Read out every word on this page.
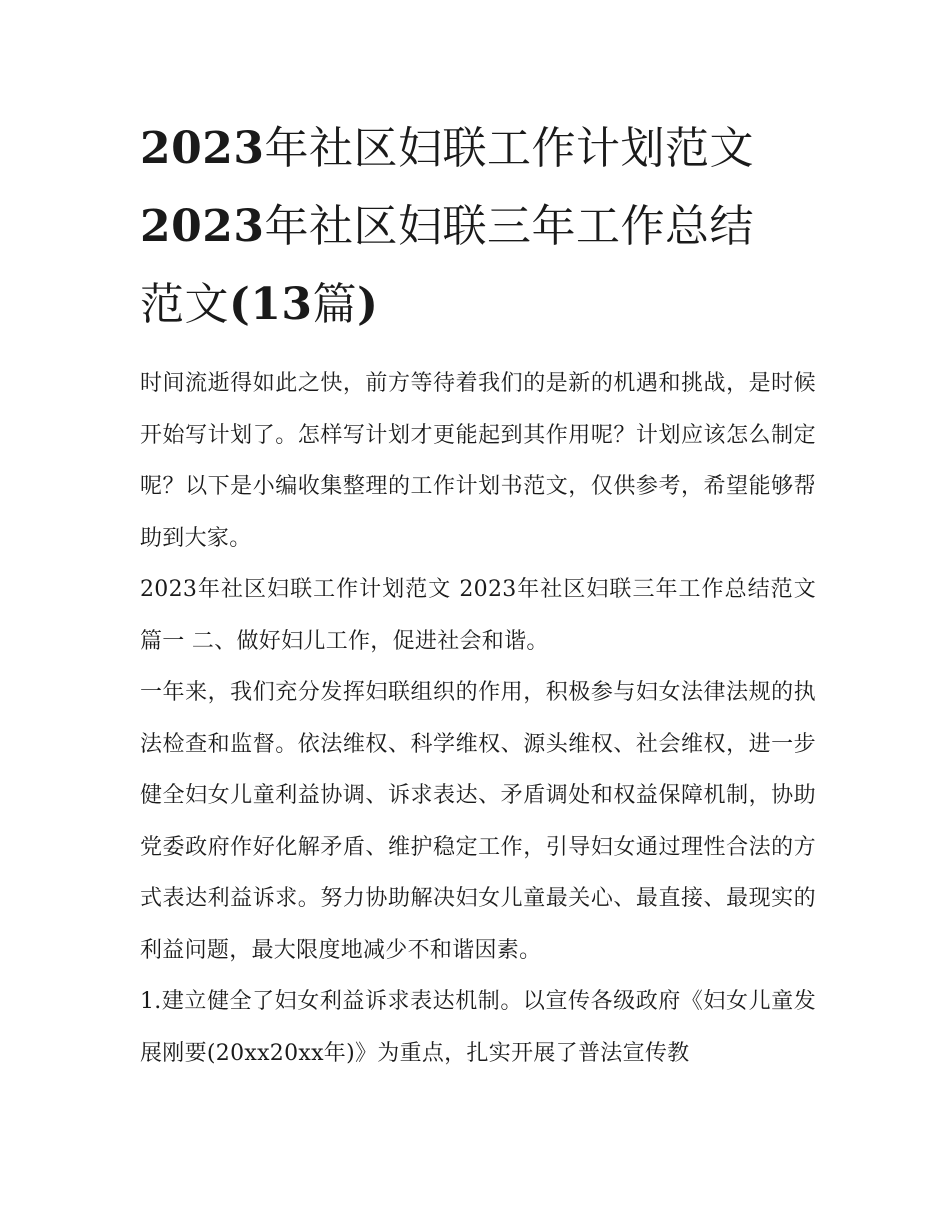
2023年社区妇联工作计划范文
2023年社区妇联三年工作总结
范文(13篇)

时间流逝得如此之快，前方等待着我们的是新的机遇和挑战，是时候开始写计划了。怎样写计划才更能起到其作用呢？计划应该怎么制定呢？以下是小编收集整理的工作计划书范文，仅供参考，希望能够帮助到大家。

2023年社区妇联工作计划范文 2023年社区妇联三年工作总结范文篇一 二、做好妇儿工作，促进社会和谐。

一年来，我们充分发挥妇联组织的作用，积极参与妇女法律法规的执法检查和监督。依法维权、科学维权、源头维权、社会维权，进一步健全妇女儿童利益协调、诉求表达、矛盾调处和权益保障机制，协助党委政府作好化解矛盾、维护稳定工作，引导妇女通过理性合法的方式表达利益诉求。努力协助解决妇女儿童最关心、最直接、最现实的利益问题，最大限度地减少不和谐因素。

1.建立健全了妇女利益诉求表达机制。以宣传各级政府《妇女儿童发展刚要(20xx20xx年)》为重点，扎实开展了普法宣传教
